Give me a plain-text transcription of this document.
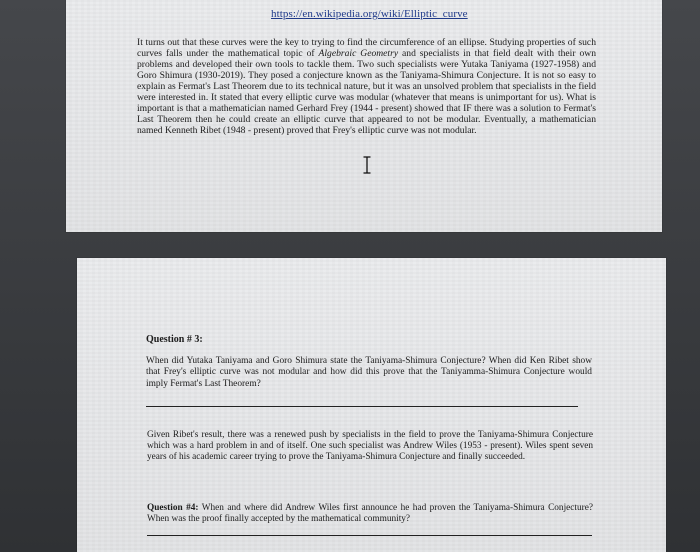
https://en.wikipedia.org/wiki/Elliptic_curve
It turns out that these curves were the key to trying to find the circumference of an ellipse. Studying properties of such curves falls under the mathematical topic of Algebraic Geometry and specialists in that field dealt with their own problems and developed their own tools to tackle them. Two such specialists were Yutaka Taniyama (1927-1958) and Goro Shimura (1930-2019). They posed a conjecture known as the Taniyama-Shimura Conjecture. It is not so easy to explain as Fermat's Last Theorem due to its technical nature, but it was an unsolved problem that specialists in the field were interested in. It stated that every elliptic curve was modular (whatever that means is unimportant for us). What is important is that a mathematician named Gerhard Frey (1944 - present) showed that IF there was a solution to Fermat's Last Theorem then he could create an elliptic curve that appeared to not be modular. Eventually, a mathematician named Kenneth Ribet (1948 - present) proved that Frey's elliptic curve was not modular.
Question # 3:
When did Yutaka Taniyama and Goro Shimura state the Taniyama-Shimura Conjecture? When did Ken Ribet show that Frey's elliptic curve was not modular and how did this prove that the Taniyamma-Shimura Conjecture would imply Fermat's Last Theorem?
Given Ribet's result, there was a renewed push by specialists in the field to prove the Taniyama-Shimura Conjecture which was a hard problem in and of itself. One such specialist was Andrew Wiles (1953 - present). Wiles spent seven years of his academic career trying to prove the Taniyama-Shimura Conjecture and finally succeeded.
Question #4: When and where did Andrew Wiles first announce he had proven the Taniyama-Shimura Conjecture? When was the proof finally accepted by the mathematical community?
